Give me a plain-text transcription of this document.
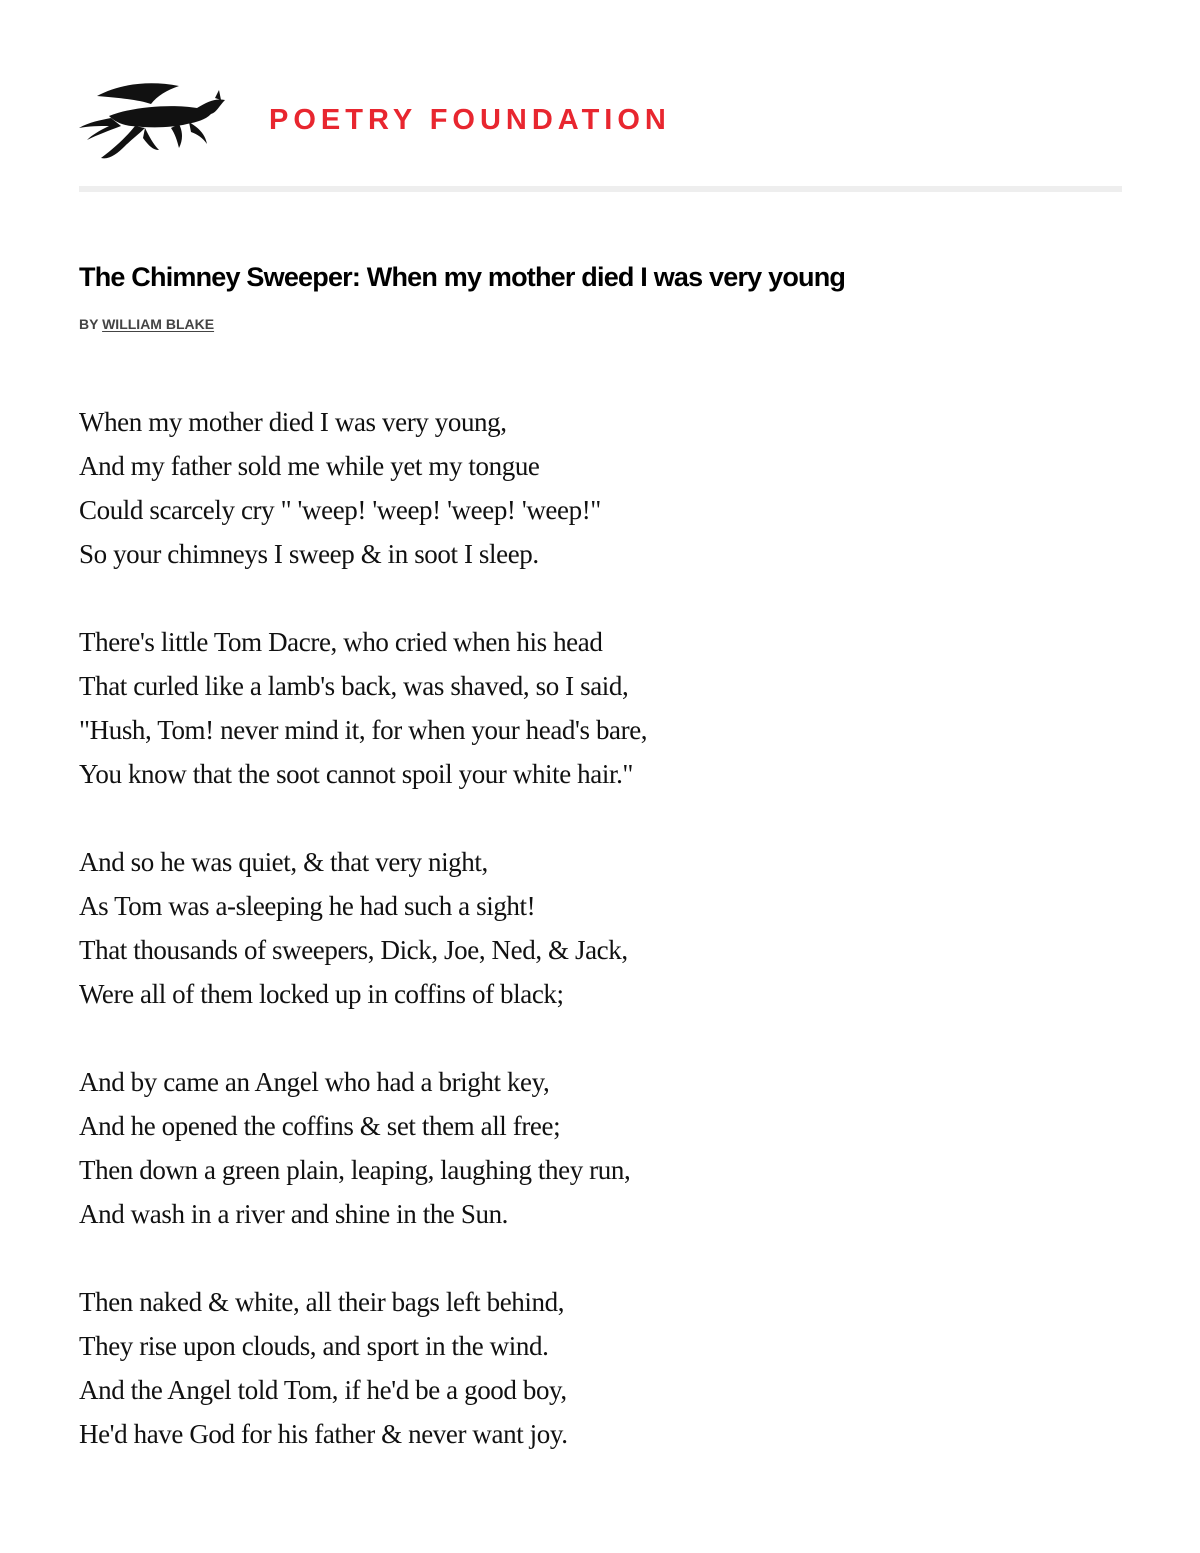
POETRY FOUNDATION
The Chimney Sweeper: When my mother died I was very young
BY WILLIAM BLAKE
When my mother died I was very young,
And my father sold me while yet my tongue
Could scarcely cry " 'weep! 'weep! 'weep! 'weep!"
So your chimneys I sweep & in soot I sleep.
There's little Tom Dacre, who cried when his head
That curled like a lamb's back, was shaved, so I said,
"Hush, Tom! never mind it, for when your head's bare,
You know that the soot cannot spoil your white hair."
And so he was quiet, & that very night,
As Tom was a-sleeping he had such a sight!
That thousands of sweepers, Dick, Joe, Ned, & Jack,
Were all of them locked up in coffins of black;
And by came an Angel who had a bright key,
And he opened the coffins & set them all free;
Then down a green plain, leaping, laughing they run,
And wash in a river and shine in the Sun.
Then naked & white, all their bags left behind,
They rise upon clouds, and sport in the wind.
And the Angel told Tom, if he'd be a good boy,
He'd have God for his father & never want joy.
